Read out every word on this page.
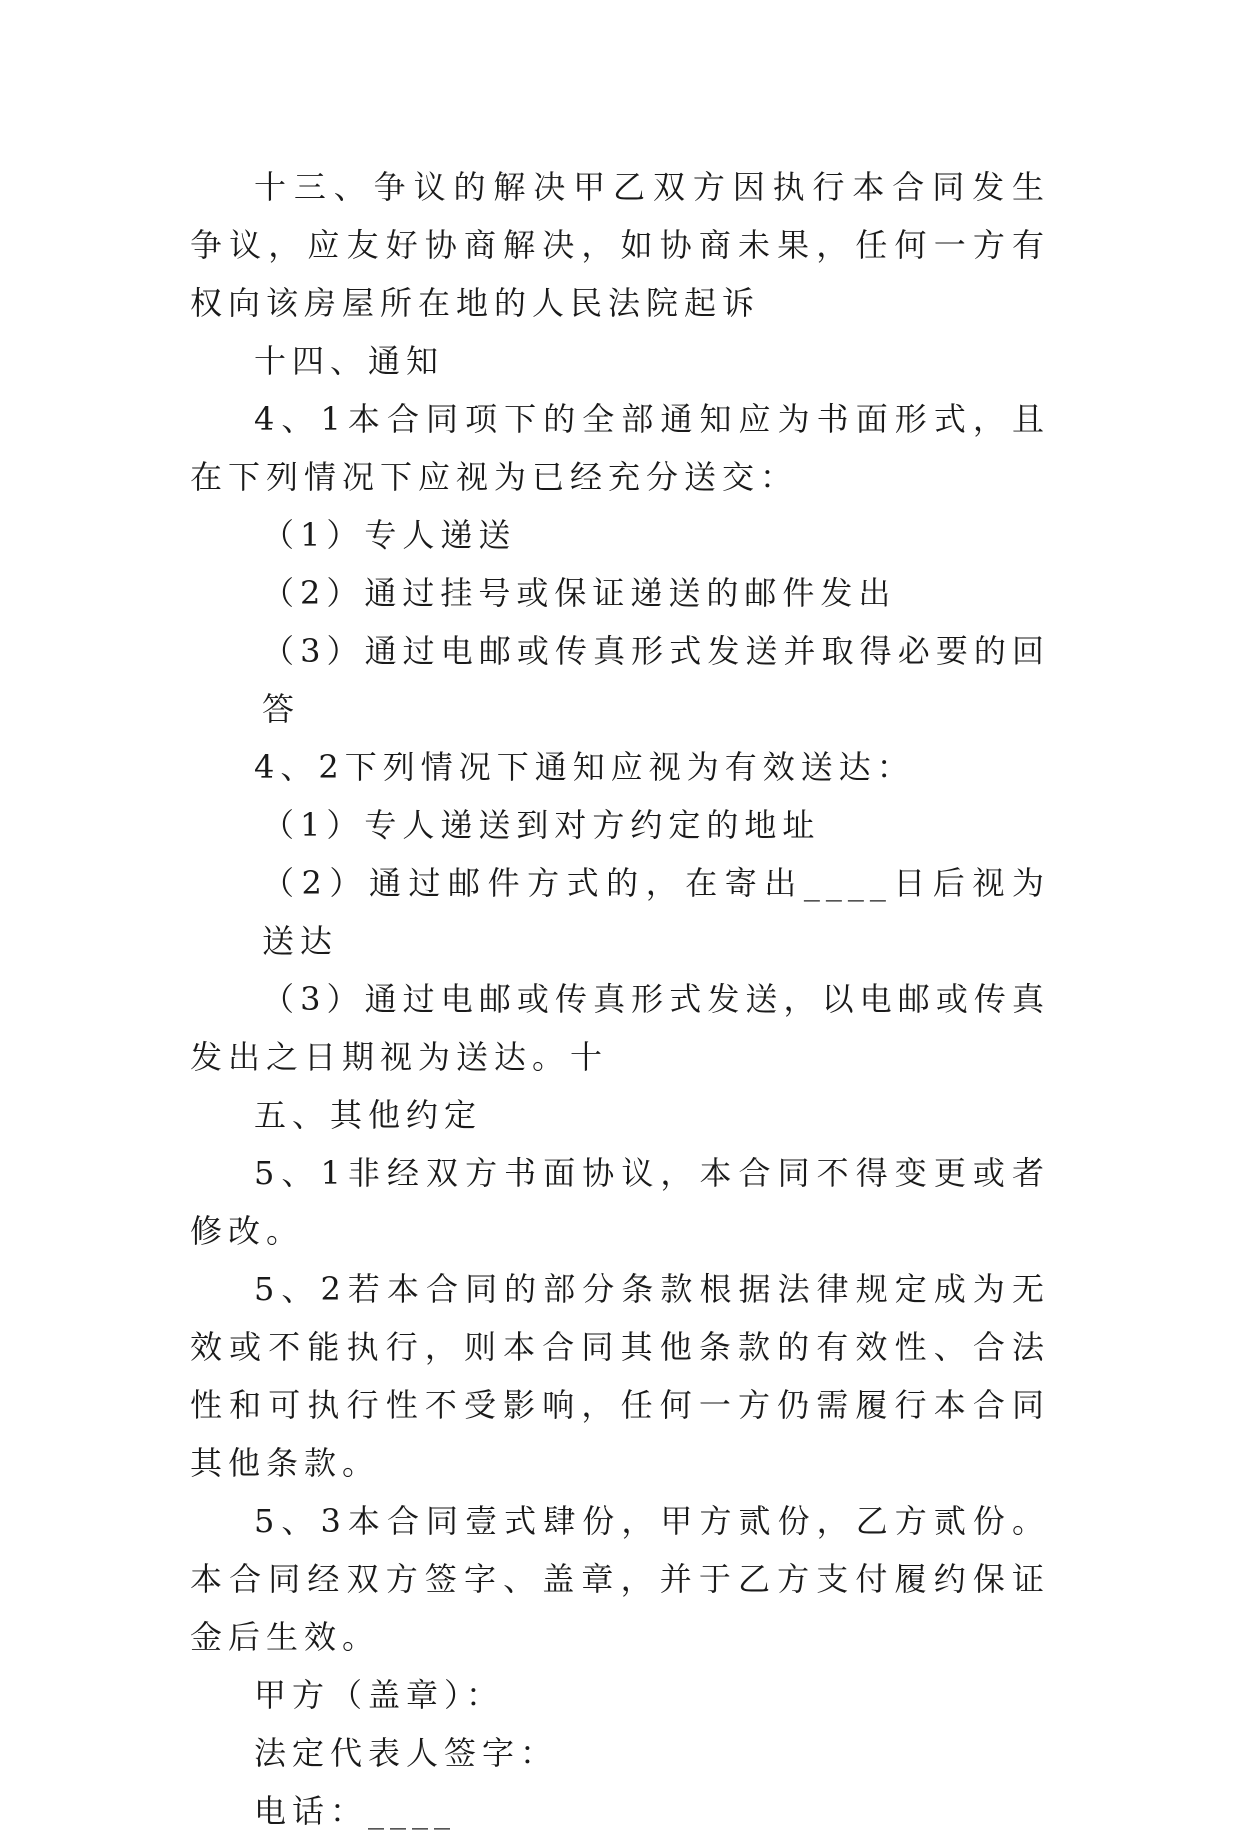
十三、争议的解决甲乙双方因执行本合同发生争议，应友好协商解决，如协商未果，任何一方有权向该房屋所在地的人民法院起诉

十四、通知

4、1本合同项下的全部通知应为书面形式，且在下列情况下应视为已经充分送交：

（1）专人递送

（2）通过挂号或保证递送的邮件发出

（3）通过电邮或传真形式发送并取得必要的回答

4、2下列情况下通知应视为有效送达：

（1）专人递送到对方约定的地址

（2）通过邮件方式的，在寄出____日后视为送达

（3）通过电邮或传真形式发送，以电邮或传真发出之日期视为送达。十

五、其他约定

5、1非经双方书面协议，本合同不得变更或者修改。

5、2若本合同的部分条款根据法律规定成为无效或不能执行，则本合同其他条款的有效性、合法性和可执行性不受影响，任何一方仍需履行本合同其他条款。

5、3本合同壹式肆份，甲方贰份，乙方贰份。本合同经双方签字、盖章，并于乙方支付履约保证金后生效。

甲方（盖章）：

法定代表人签字：

电话：____
